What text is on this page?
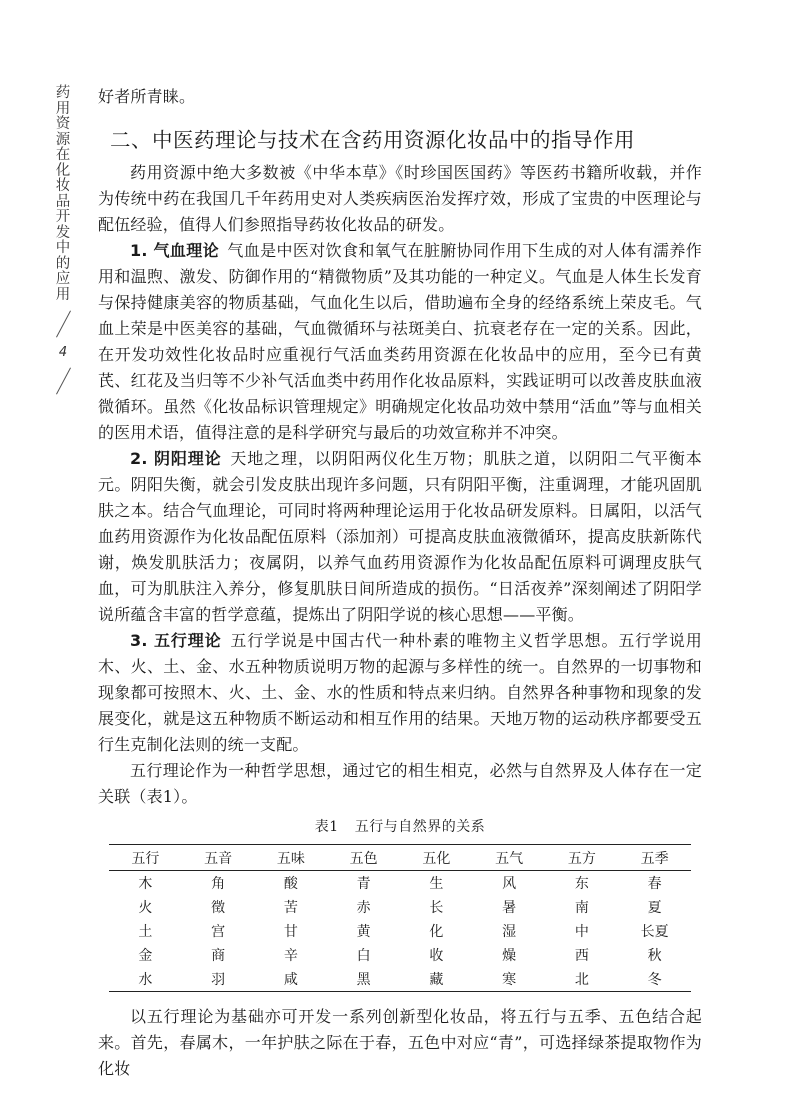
药用资源在化妆品开发中的应用
4

好者所青睐。

二、中医药理论与技术在含药用资源化妆品中的指导作用

药用资源中绝大多数被《中华本草》《时珍国医国药》等医药书籍所收载，并作为传统中药在我国几千年药用史对人类疾病医治发挥疗效，形成了宝贵的中医理论与配伍经验，值得人们参照指导药妆化妆品的研发。

1. 气血理论  气血是中医对饮食和氧气在脏腑协同作用下生成的对人体有濡养作用和温煦、激发、防御作用的“精微物质”及其功能的一种定义。气血是人体生长发育与保持健康美容的物质基础，气血化生以后，借助遍布全身的经络系统上荣皮毛。气血上荣是中医美容的基础，气血微循环与祛斑美白、抗衰老存在一定的关系。因此，在开发功效性化妆品时应重视行气活血类药用资源在化妆品中的应用，至今已有黄芪、红花及当归等不少补气活血类中药用作化妆品原料，实践证明可以改善皮肤血液微循环。虽然《化妆品标识管理规定》明确规定化妆品功效中禁用“活血”等与血相关的医用术语，值得注意的是科学研究与最后的功效宣称并不冲突。

2. 阴阳理论  天地之理，以阴阳两仪化生万物；肌肤之道，以阴阳二气平衡本元。阴阳失衡，就会引发皮肤出现许多问题，只有阴阳平衡，注重调理，才能巩固肌肤之本。结合气血理论，可同时将两种理论运用于化妆品研发原料。日属阳，以活气血药用资源作为化妆品配伍原料（添加剂）可提高皮肤血液微循环，提高皮肤新陈代谢，焕发肌肤活力；夜属阴，以养气血药用资源作为化妆品配伍原料可调理皮肤气血，可为肌肤注入养分，修复肌肤日间所造成的损伤。“日活夜养”深刻阐述了阴阳学说所蕴含丰富的哲学意蕴，提炼出了阴阳学说的核心思想——平衡。

3. 五行理论  五行学说是中国古代一种朴素的唯物主义哲学思想。五行学说用木、火、土、金、水五种物质说明万物的起源与多样性的统一。自然界的一切事物和现象都可按照木、火、土、金、水的性质和特点来归纳。自然界各种事物和现象的发展变化，就是这五种物质不断运动和相互作用的结果。天地万物的运动秩序都要受五行生克制化法则的统一支配。

五行理论作为一种哲学思想，通过它的相生相克，必然与自然界及人体存在一定关联（表1）。

表1 五行与自然界的关系
五行	五音	五味	五色	五化	五气	五方	五季
木	角	酸	青	生	风	东	春
火	徵	苦	赤	长	暑	南	夏
土	宫	甘	黄	化	湿	中	长夏
金	商	辛	白	收	燥	西	秋
水	羽	咸	黑	藏	寒	北	冬

以五行理论为基础亦可开发一系列创新型化妆品，将五行与五季、五色结合起来。首先，春属木，一年护肤之际在于春，五色中对应“青”，可选择绿茶提取物作为化妆
